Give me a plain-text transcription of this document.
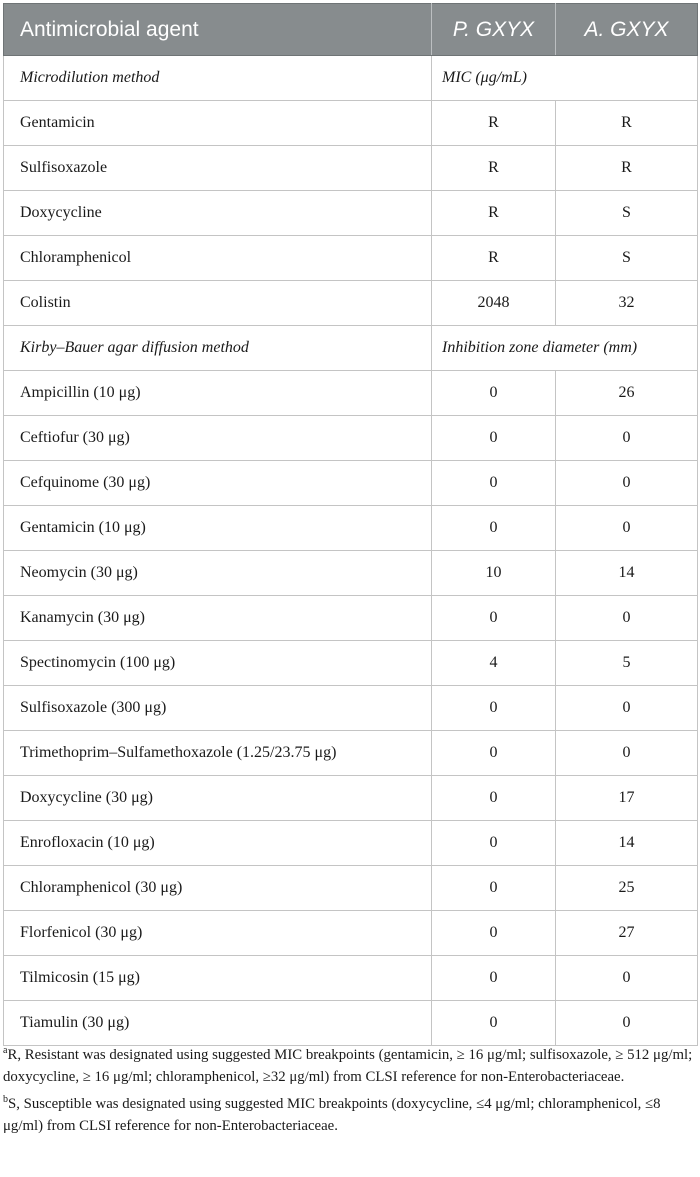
Antimicrobial agent	P. GXYX	A. GXYX
Microdilution method	MIC (μg/mL)	
Gentamicin	R	R
Sulfisoxazole	R	R
Doxycycline	R	S
Chloramphenicol	R	S
Colistin	2048	32
Kirby–Bauer agar diffusion method	Inhibition zone diameter (mm)	
Ampicillin (10 μg)	0	26
Ceftiofur (30 μg)	0	0
Cefquinome (30 μg)	0	0
Gentamicin (10 μg)	0	0
Neomycin (30 μg)	10	14
Kanamycin (30 μg)	0	0
Spectinomycin (100 μg)	4	5
Sulfisoxazole (300 μg)	0	0
Trimethoprim–Sulfamethoxazole (1.25/23.75 μg)	0	0
Doxycycline (30 μg)	0	17
Enrofloxacin (10 μg)	0	14
Chloramphenicol (30 μg)	0	25
Florfenicol (30 μg)	0	27
Tilmicosin (15 μg)	0	0
Tiamulin (30 μg)	0	0

$^a$R, Resistant was designated using suggested MIC breakpoints (gentamicin, ≥ 16 μg/ml; sulfisoxazole, ≥ 512 μg/ml; doxycycline, ≥ 16 μg/ml; chloramphenicol, ≥32 μg/ml) from CLSI reference for non-Enterobacteriaceae.

$^b$S, Susceptible was designated using suggested MIC breakpoints (doxycycline, ≤4 μg/ml; chloramphenicol, ≤8 μg/ml) from CLSI reference for non-Enterobacteriaceae.
